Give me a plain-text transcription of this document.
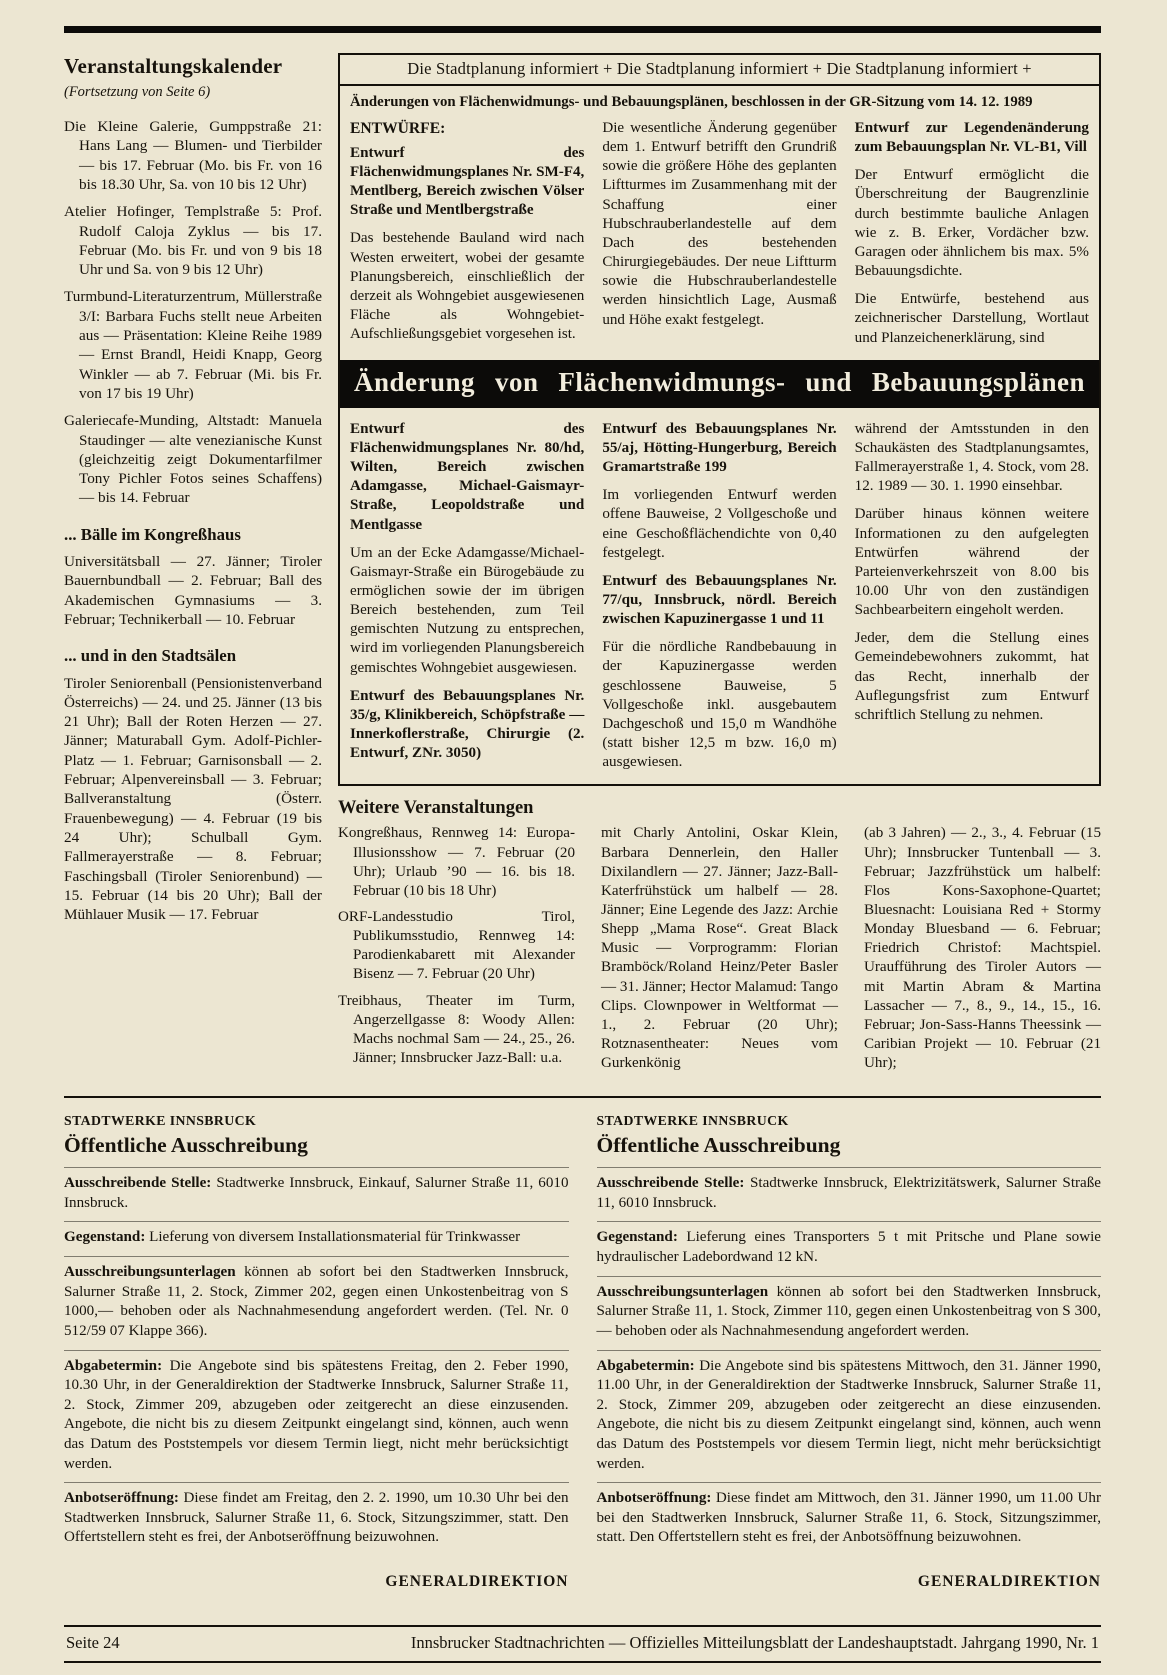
Veranstaltungskalender
(Fortsetzung von Seite 6)

Die Kleine Galerie, Gumppstraße 21: Hans Lang — Blumen- und Tierbilder — bis 17. Februar (Mo. bis Fr. von 16 bis 18.30 Uhr, Sa. von 10 bis 12 Uhr)

Atelier Hofinger, Templstraße 5: Prof. Rudolf Caloja Zyklus — bis 17. Februar (Mo. bis Fr. und von 9 bis 18 Uhr und Sa. von 9 bis 12 Uhr)

Turmbund-Literaturzentrum, Müllerstraße 3/I: Barbara Fuchs stellt neue Arbeiten aus — Präsentation: Kleine Reihe 1989 — Ernst Brandl, Heidi Knapp, Georg Winkler — ab 7. Februar (Mi. bis Fr. von 17 bis 19 Uhr)

Galeriecafe-Munding, Altstadt: Manuela Staudinger — alte venezianische Kunst (gleichzeitig zeigt Dokumentarfilmer Tony Pichler Fotos seines Schaffens) — bis 14. Februar

... Bälle im Kongreßhaus

Universitätsball — 27. Jänner; Tiroler Bauernbundball — 2. Februar; Ball des Akademischen Gymnasiums — 3. Februar; Technikerball — 10. Februar

... und in den Stadtsälen

Tiroler Seniorenball (Pensionistenverband Österreichs) — 24. und 25. Jänner (13 bis 21 Uhr); Ball der Roten Herzen — 27. Jänner; Maturaball Gym. Adolf-Pichler-Platz — 1. Februar; Garnisonsball — 2. Februar; Alpenvereinsball — 3. Februar; Ballveranstaltung (Österr. Frauenbewegung) — 4. Februar (19 bis 24 Uhr); Schulball Gym. Fallmerayerstraße — 8. Februar; Faschingsball (Tiroler Seniorenbund) — 15. Februar (14 bis 20 Uhr); Ball der Mühlauer Musik — 17. Februar

Die Stadtplanung informiert + Die Stadtplanung informiert + Die Stadtplanung informiert +
Änderungen von Flächenwidmungs- und Bebauungsplänen, beschlossen in der GR-Sitzung vom 14. 12. 1989
ENTWÜRFE:

Entwurf des Flächenwidmungsplanes Nr. SM-F4, Mentlberg, Bereich zwischen Völser Straße und Mentlbergstraße

Das bestehende Bauland wird nach Westen erweitert, wobei der gesamte Planungsbereich, einschließlich der derzeit als Wohngebiet ausgewiesenen Fläche als Wohngebiet-Aufschließungsgebiet vorgesehen ist.

Die wesentliche Änderung gegenüber dem 1. Entwurf betrifft den Grundriß sowie die größere Höhe des geplanten Liftturmes im Zusammenhang mit der Schaffung einer Hubschrauberlandestelle auf dem Dach des bestehenden Chirurgiegebäudes. Der neue Liftturm sowie die Hubschrauberlandestelle werden hinsichtlich Lage, Ausmaß und Höhe exakt festgelegt.

Entwurf zur Legendenänderung zum Bebauungsplan Nr. VL-B1, Vill

Der Entwurf ermöglicht die Überschreitung der Baugrenzlinie durch bestimmte bauliche Anlagen wie z. B. Erker, Vordächer bzw. Garagen oder ähnlichem bis max. 5% Bebauungsdichte.

Die Entwürfe, bestehend aus zeichnerischer Darstellung, Wortlaut und Planzeichenerklärung, sind

Änderung von Flächenwidmungs- und Bebauungsplänen

Entwurf des Flächenwidmungsplanes Nr. 80/hd, Wilten, Bereich zwischen Adamgasse, Michael-Gaismayr-Straße, Leopoldstraße und Mentlgasse

Um an der Ecke Adamgasse/Michael-Gaismayr-Straße ein Bürogebäude zu ermöglichen sowie der im übrigen Bereich bestehenden, zum Teil gemischten Nutzung zu entsprechen, wird im vorliegenden Planungsbereich gemischtes Wohngebiet ausgewiesen.

Entwurf des Bebauungsplanes Nr. 35/g, Klinikbereich, Schöpfstraße — Innerkoflerstraße, Chirurgie (2. Entwurf, ZNr. 3050)

Entwurf des Bebauungsplanes Nr. 55/aj, Hötting-Hungerburg, Bereich Gramartstraße 199

Im vorliegenden Entwurf werden offene Bauweise, 2 Vollgeschoße und eine Geschoßflächendichte von 0,40 festgelegt.

Entwurf des Bebauungsplanes Nr. 77/qu, Innsbruck, nördl. Bereich zwischen Kapuzinergasse 1 und 11

Für die nördliche Randbebauung in der Kapuzinergasse werden geschlossene Bauweise, 5 Vollgeschoße inkl. ausgebautem Dachgeschoß und 15,0 m Wandhöhe (statt bisher 12,5 m bzw. 16,0 m) ausgewiesen.

während der Amtsstunden in den Schaukästen des Stadtplanungsamtes, Fallmerayerstraße 1, 4. Stock, vom 28. 12. 1989 — 30. 1. 1990 einsehbar.

Darüber hinaus können weitere Informationen zu den aufgelegten Entwürfen während der Parteienverkehrszeit von 8.00 bis 10.00 Uhr von den zuständigen Sachbearbeitern eingeholt werden.

Jeder, dem die Stellung eines Gemeindebewohners zukommt, hat das Recht, innerhalb der Auflegungsfrist zum Entwurf schriftlich Stellung zu nehmen.

Weitere Veranstaltungen

Kongreßhaus, Rennweg 14: Europa-Illusionsshow — 7. Februar (20 Uhr); Urlaub ’90 — 16. bis 18. Februar (10 bis 18 Uhr)

ORF-Landesstudio Tirol, Publikumsstudio, Rennweg 14: Parodienkabarett mit Alexander Bisenz — 7. Februar (20 Uhr)

Treibhaus, Theater im Turm, Angerzellgasse 8: Woody Allen: Machs nochmal Sam — 24., 25., 26. Jänner; Innsbrucker Jazz-Ball: u.a.

mit Charly Antolini, Oskar Klein, Barbara Dennerlein, den Haller Dixilandlern — 27. Jänner; Jazz-Ball-Katerfrühstück um halbelf — 28. Jänner; Eine Legende des Jazz: Archie Shepp „Mama Rose“. Great Black Music — Vorprogramm: Florian Bramböck/Roland Heinz/Peter Basler — 31. Jänner; Hector Malamud: Tango Clips. Clownpower in Weltformat — 1., 2. Februar (20 Uhr); Rotznasentheater: Neues vom Gurkenkönig

(ab 3 Jahren) — 2., 3., 4. Februar (15 Uhr); Innsbrucker Tuntenball — 3. Februar; Jazzfrühstück um halbelf: Flos Kons-Saxophone-Quartet; Bluesnacht: Louisiana Red + Stormy Monday Bluesband — 6. Februar; Friedrich Christof: Machtspiel. Uraufführung des Tiroler Autors — mit Martin Abram & Martina Lassacher — 7., 8., 9., 14., 15., 16. Februar; Jon-Sass-Hanns Theessink — Caribian Projekt — 10. Februar (21 Uhr);

STADTWERKE INNSBRUCK
Öffentliche Ausschreibung

Ausschreibende Stelle: Stadtwerke Innsbruck, Einkauf, Salurner Straße 11, 6010 Innsbruck.

Gegenstand: Lieferung von diversem Installationsmaterial für Trinkwasser

Ausschreibungsunterlagen können ab sofort bei den Stadtwerken Innsbruck, Salurner Straße 11, 2. Stock, Zimmer 202, gegen einen Unkostenbeitrag von S 1000,— behoben oder als Nachnahmesendung angefordert werden. (Tel. Nr. 0 512/59 07 Klappe 366).

Abgabetermin: Die Angebote sind bis spätestens Freitag, den 2. Feber 1990, 10.30 Uhr, in der Generaldirektion der Stadtwerke Innsbruck, Salurner Straße 11, 2. Stock, Zimmer 209, abzugeben oder zeitgerecht an diese einzusenden. Angebote, die nicht bis zu diesem Zeitpunkt eingelangt sind, können, auch wenn das Datum des Poststempels vor diesem Termin liegt, nicht mehr berücksichtigt werden.

Anbotseröffnung: Diese findet am Freitag, den 2. 2. 1990, um 10.30 Uhr bei den Stadtwerken Innsbruck, Salurner Straße 11, 6. Stock, Sitzungszimmer, statt. Den Offertstellern steht es frei, der Anbotseröffnung beizuwohnen.

GENERALDIREKTION
STADTWERKE INNSBRUCK
Öffentliche Ausschreibung

Ausschreibende Stelle: Stadtwerke Innsbruck, Elektrizitätswerk, Salurner Straße 11, 6010 Innsbruck.

Gegenstand: Lieferung eines Transporters 5 t mit Pritsche und Plane sowie hydraulischer Ladebordwand 12 kN.

Ausschreibungsunterlagen können ab sofort bei den Stadtwerken Innsbruck, Salurner Straße 11, 1. Stock, Zimmer 110, gegen einen Unkostenbeitrag von S 300,— behoben oder als Nachnahmesendung angefordert werden.

Abgabetermin: Die Angebote sind bis spätestens Mittwoch, den 31. Jänner 1990, 11.00 Uhr, in der Generaldirektion der Stadtwerke Innsbruck, Salurner Straße 11, 2. Stock, Zimmer 209, abzugeben oder zeitgerecht an diese einzusenden. Angebote, die nicht bis zu diesem Zeitpunkt eingelangt sind, können, auch wenn das Datum des Poststempels vor diesem Termin liegt, nicht mehr berücksichtigt werden.

Anbotseröffnung: Diese findet am Mittwoch, den 31. Jänner 1990, um 11.00 Uhr bei den Stadtwerken Innsbruck, Salurner Straße 11, 6. Stock, Sitzungszimmer, statt. Den Offertstellern steht es frei, der Anbotsöffnung beizuwohnen.

GENERALDIREKTION
Seite 24	Innsbrucker Stadtnachrichten — Offizielles Mitteilungsblatt der Landeshauptstadt. Jahrgang 1990, Nr. 1
